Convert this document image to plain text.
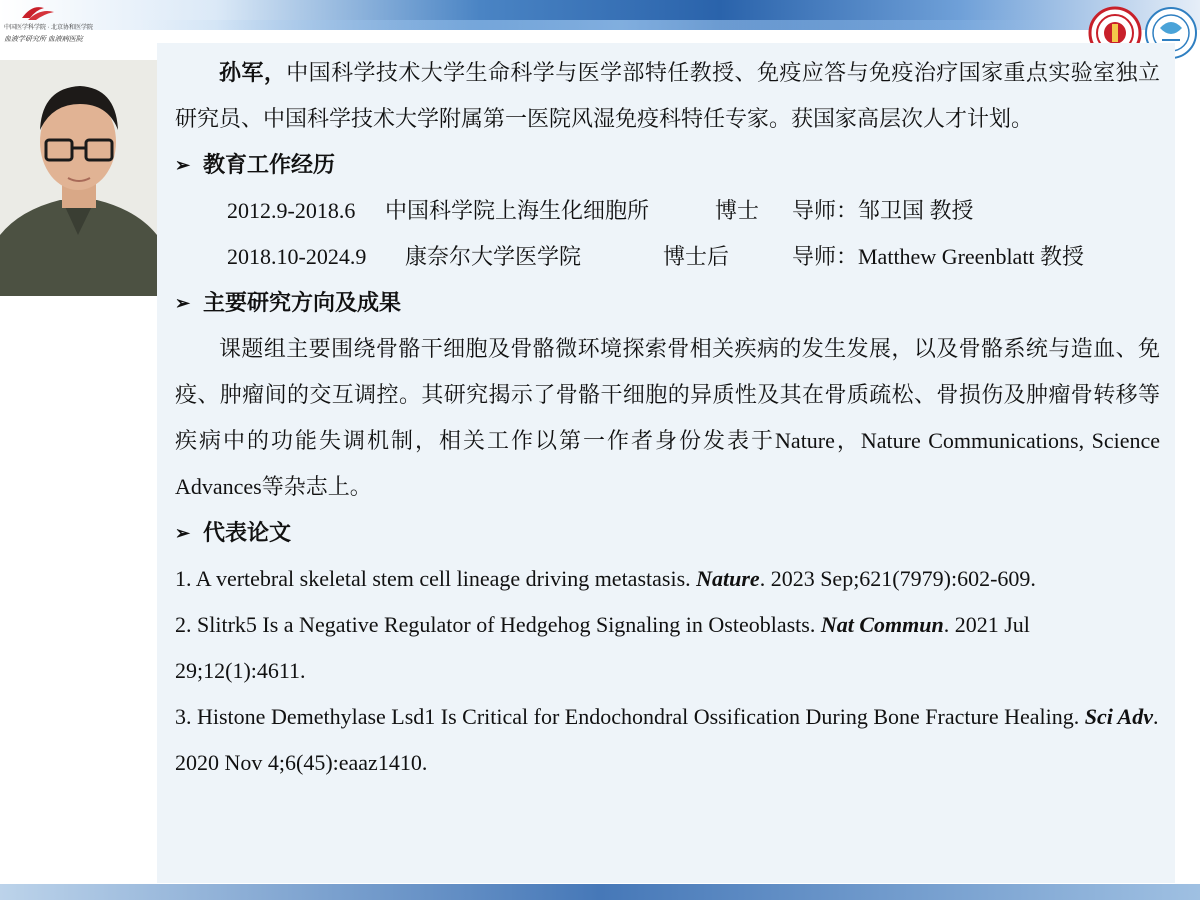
中国医学科学院 · 北京协和医学院
血液学研究所 血液病医院

孙军，中国科学技术大学生命科学与医学部特任教授、免疫应答与免疫治疗国家重点实验室独立研究员、中国科学技术大学附属第一医院风湿免疫科特任专家。获国家高层次人才计划。

➢ 教育工作经历
2012.9-2018.6	中国科学院上海生化细胞所	博士	导师：邹卫国 教授
2018.10-2024.9	康奈尔大学医学院	博士后	导师：Matthew Greenblatt 教授
➢ 主要研究方向及成果

课题组主要围绕骨骼干细胞及骨骼微环境探索骨相关疾病的发生发展，以及骨骼系统与造血、免疫、肿瘤间的交互调控。其研究揭示了骨骼干细胞的异质性及其在骨质疏松、骨损伤及肿瘤骨转移等疾病中的功能失调机制，相关工作以第一作者身份发表于Nature，Nature Communications, Science Advances等杂志上。

➢ 代表论文

1. A vertebral skeletal stem cell lineage driving metastasis. Nature. 2023 Sep;621(7979):602-609.

2. Slitrk5 Is a Negative Regulator of Hedgehog Signaling in Osteoblasts. Nat Commun. 2021 Jul 29;12(1):4611.

3. Histone Demethylase Lsd1 Is Critical for Endochondral Ossification During Bone Fracture Healing. Sci Adv. 2020 Nov 4;6(45):eaaz1410.
